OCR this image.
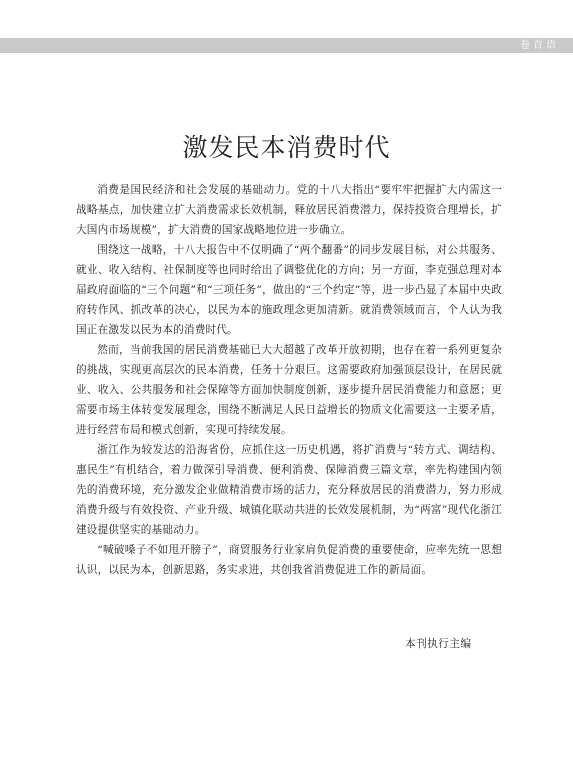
卷首语
激发民本消费时代

消费是国民经济和社会发展的基础动力。党的十八大指出“要牢牢把握扩大内需这一战略基点，加快建立扩大消费需求长效机制，释放居民消费潜力，保持投资合理增长，扩大国内市场规模”，扩大消费的国家战略地位进一步确立。

围绕这一战略，十八大报告中不仅明确了“两个翻番”的同步发展目标，对公共服务、就业、收入结构、社保制度等也同时给出了调整优化的方向；另一方面，李克强总理对本届政府面临的“三个问题”和“三项任务”，做出的“三个约定”等，进一步凸显了本届中央政府转作风、抓改革的决心，以民为本的施政理念更加清新。就消费领域而言，个人认为我国正在激发以民为本的消费时代。

然而，当前我国的居民消费基础已大大超越了改革开放初期，也存在着一系列更复杂的挑战，实现更高层次的民本消费，任务十分艰巨。这需要政府加强顶层设计，在居民就业、收入、公共服务和社会保障等方面加快制度创新，逐步提升居民消费能力和意愿；更需要市场主体转变发展理念，围绕不断满足人民日益增长的物质文化需要这一主要矛盾，进行经营布局和模式创新，实现可持续发展。

浙江作为较发达的沿海省份，应抓住这一历史机遇，将扩消费与“转方式、调结构、惠民生”有机结合，着力做深引导消费、便利消费、保障消费三篇文章，率先构建国内领先的消费环境，充分激发企业做精消费市场的活力，充分释放居民的消费潜力，努力形成消费升级与有效投资、产业升级、城镇化联动共进的长效发展机制，为“两富”现代化浙江建设提供坚实的基础动力。

“喊破嗓子不如甩开膀子”，商贸服务行业家肩负促消费的重要使命，应率先统一思想认识，以民为本，创新思路，务实求进，共创我省消费促进工作的新局面。

本刊执行主编
